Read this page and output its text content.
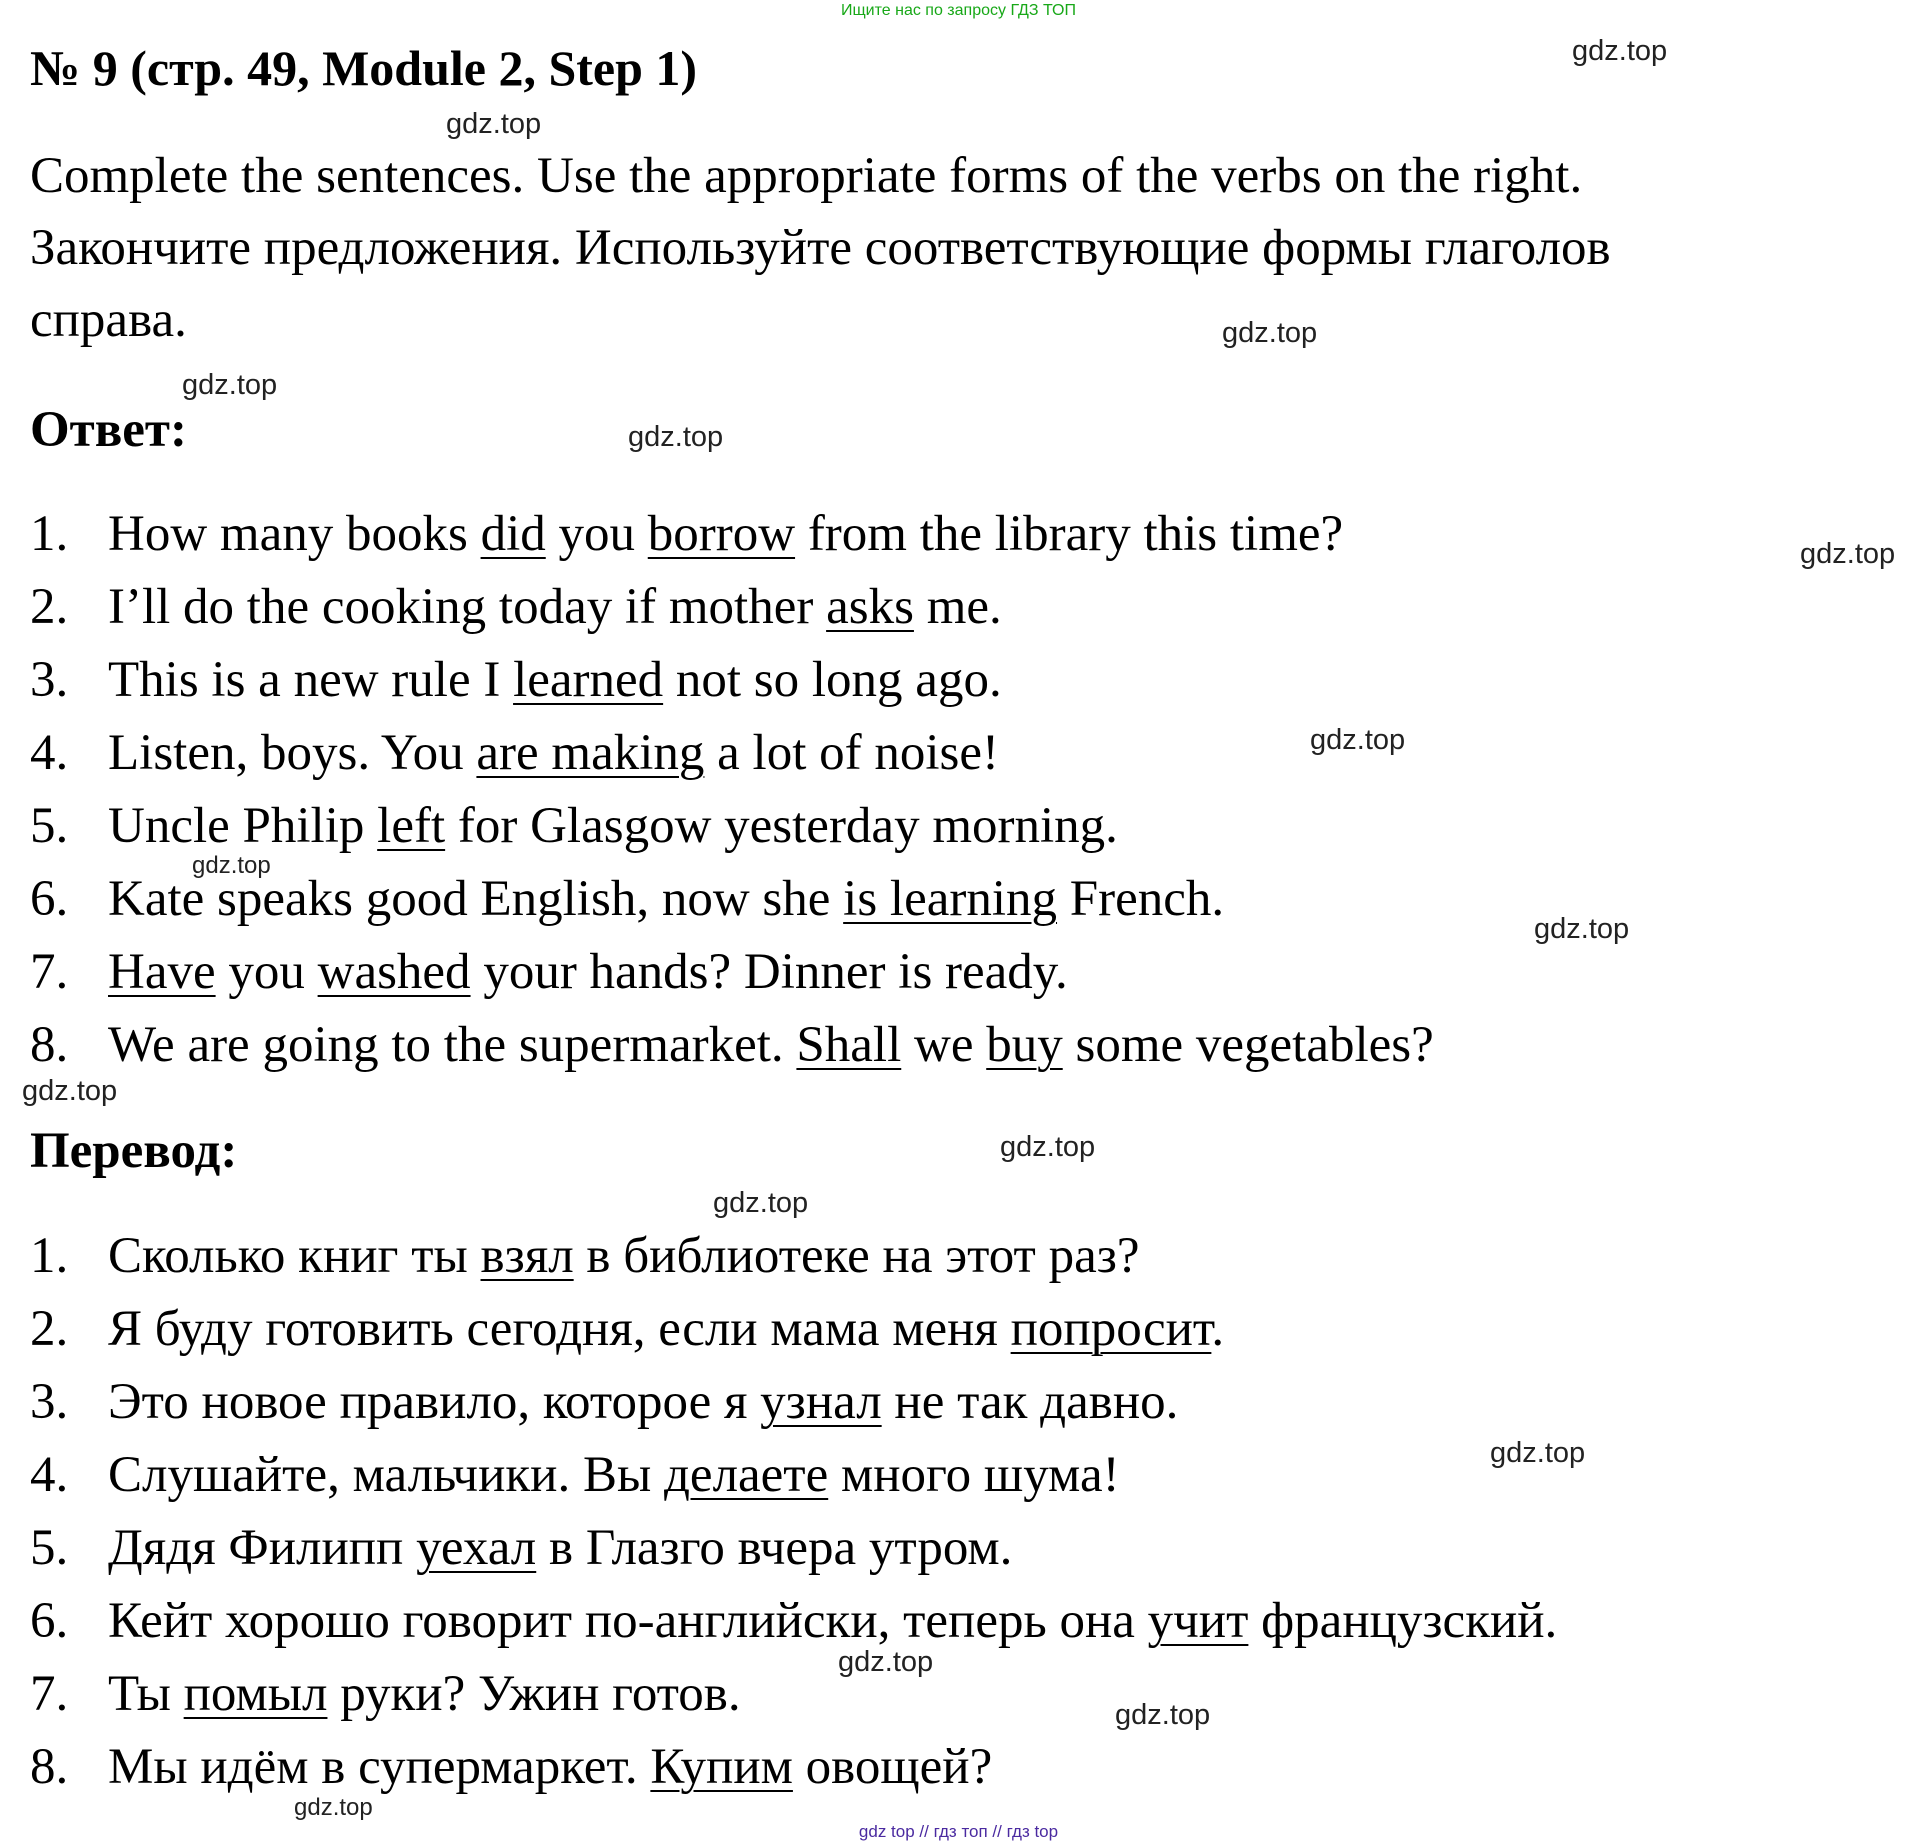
Ищите нас по запросу ГДЗ ТОП
№ 9 (стр. 49, Module 2, Step 1)
Complete the sentences. Use the appropriate forms of the verbs on the right.
Закончите предложения. Используйте соответствующие формы глаголов
справа.
Ответ:
1. How many books did you borrow from the library this time?
2. I’ll do the cooking today if mother asks me.
3. This is a new rule I learned not so long ago.
4. Listen, boys. You are making a lot of noise!
5. Uncle Philip left for Glasgow yesterday morning.
6. Kate speaks good English, now she is learning French.
7. Have you washed your hands? Dinner is ready.
8. We are going to the supermarket. Shall we buy some vegetables?
Перевод:
1. Сколько книг ты взял в библиотеке на этот раз?
2. Я буду готовить сегодня, если мама меня попросит.
3. Это новое правило, которое я узнал не так давно.
4. Слушайте, мальчики. Вы делаете много шума!
5. Дядя Филипп уехал в Глазго вчера утром.
6. Кейт хорошо говорит по-английски, теперь она учит французский.
7. Ты помыл руки? Ужин готов.
8. Мы идём в супермаркет. Купим овощей?
gdz.top
gdz.top
gdz.top
gdz.top
gdz.top
gdz.top
gdz.top
gdz.top
gdz.top
gdz.top
gdz.top
gdz.top
gdz.top
gdz.top
gdz.top
gdz.top
gdz top // гдз топ // гдз top
